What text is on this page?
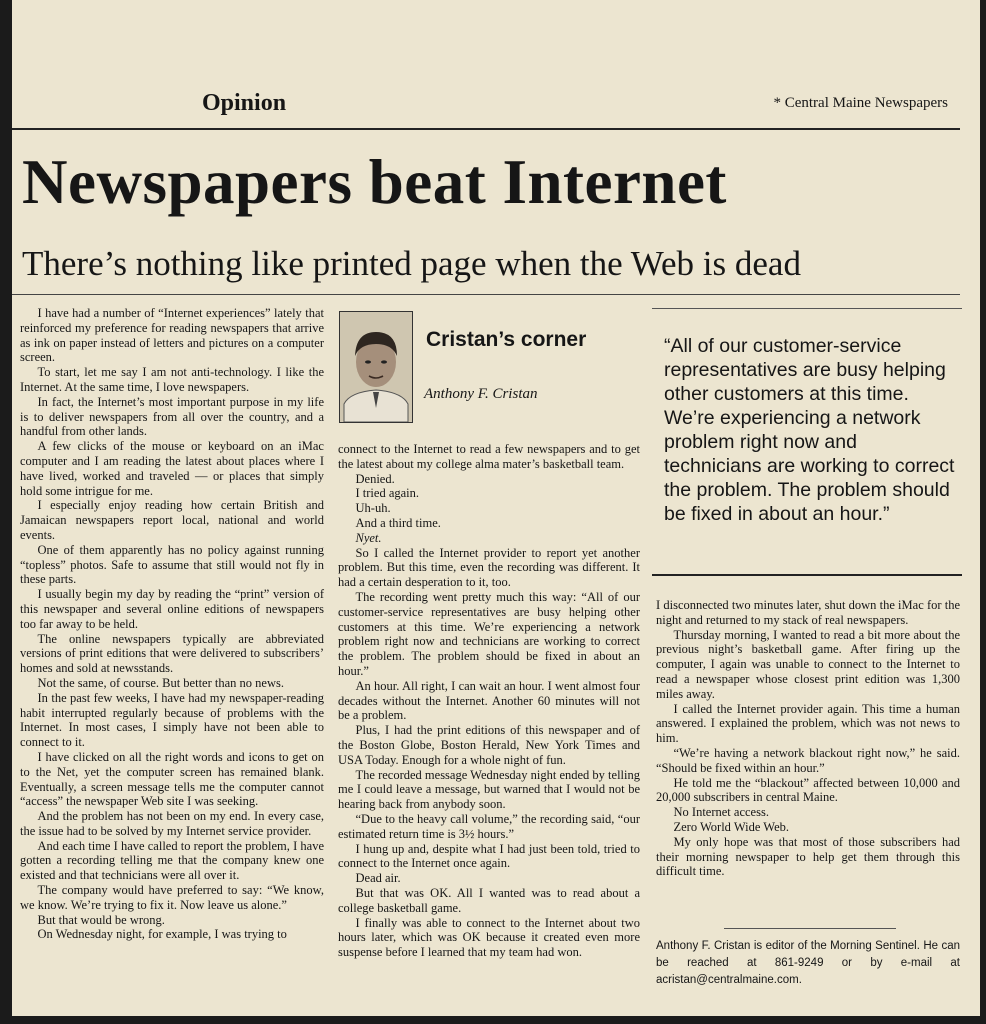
Opinion	* Central Maine Newspapers
Newspapers beat Internet
There’s nothing like printed page when the Web is dead

I have had a number of “Internet experiences” lately that reinforced my preference for reading newspapers that arrive as ink on paper instead of letters and pictures on a computer screen.

To start, let me say I am not anti-technology. I like the Internet. At the same time, I love newspapers.

In fact, the Internet’s most important purpose in my life is to deliver newspapers from all over the country, and a handful from other lands.

A few clicks of the mouse or keyboard on an iMac computer and I am reading the latest about places where I have lived, worked and traveled — or places that simply hold some intrigue for me.

I especially enjoy reading how certain British and Jamaican newspapers report local, national and world events.

One of them apparently has no policy against running “topless” photos. Safe to assume that still would not fly in these parts.

I usually begin my day by reading the “print” version of this newspaper and several online editions of newspapers too far away to be held.

The online newspapers typically are abbreviated versions of print editions that were delivered to subscribers’ homes and sold at newsstands.

Not the same, of course. But better than no news.

In the past few weeks, I have had my newspaper-reading habit interrupted regularly because of problems with the Internet. In most cases, I simply have not been able to connect to it.

I have clicked on all the right words and icons to get on to the Net, yet the computer screen has remained blank. Eventually, a screen message tells me the computer cannot “access” the newspaper Web site I was seeking.

And the problem has not been on my end. In every case, the issue had to be solved by my Internet service provider.

And each time I have called to report the problem, I have gotten a recording telling me that the company knew one existed and that technicians were all over it.

The company would have preferred to say: “We know, we know. We’re trying to fix it. Now leave us alone.”

But that would be wrong.

On Wednesday night, for example, I was trying to

Cristan’s corner
Anthony F. Cristan

connect to the Internet to read a few newspapers and to get the latest about my college alma mater’s basketball team.

Denied.

I tried again.

Uh-uh.

And a third time.

Nyet.

So I called the Internet provider to report yet another problem. But this time, even the recording was different. It had a certain desperation to it, too.

The recording went pretty much this way: “All of our customer-service representatives are busy helping other customers at this time. We’re experiencing a network problem right now and technicians are working to correct the problem. The problem should be fixed in about an hour.”

An hour. All right, I can wait an hour. I went almost four decades without the Internet. Another 60 minutes will not be a problem.

Plus, I had the print editions of this newspaper and of the Boston Globe, Boston Herald, New York Times and USA Today. Enough for a whole night of fun.

The recorded message Wednesday night ended by telling me I could leave a message, but warned that I would not be hearing back from anybody soon.

“Due to the heavy call volume,” the recording said, “our estimated return time is 3½ hours.”

I hung up and, despite what I had just been told, tried to connect to the Internet once again.

Dead air.

But that was OK. All I wanted was to read about a college basketball game.

I finally was able to connect to the Internet about two hours later, which was OK because it created even more suspense before I learned that my team had won.

“All of our customer-service representatives are busy helping other customers at this time. We’re experiencing a network problem right now and technicians are working to correct the problem. The problem should be fixed in about an hour.”

I disconnected two minutes later, shut down the iMac for the night and returned to my stack of real newspapers.

Thursday morning, I wanted to read a bit more about the previous night’s basketball game. After firing up the computer, I again was unable to connect to the Internet to read a newspaper whose closest print edition was 1,300 miles away.

I called the Internet provider again. This time a human answered. I explained the problem, which was not news to him.

“We’re having a network blackout right now,” he said. “Should be fixed within an hour.”

He told me the “blackout” affected between 10,000 and 20,000 subscribers in central Maine.

No Internet access.

Zero World Wide Web.

My only hope was that most of those subscribers had their morning newspaper to help get them through this difficult time.

Anthony F. Cristan is editor of the Morning Sentinel. He can be reached at 861-9249 or by e-mail at acristan@centralmaine.com.
